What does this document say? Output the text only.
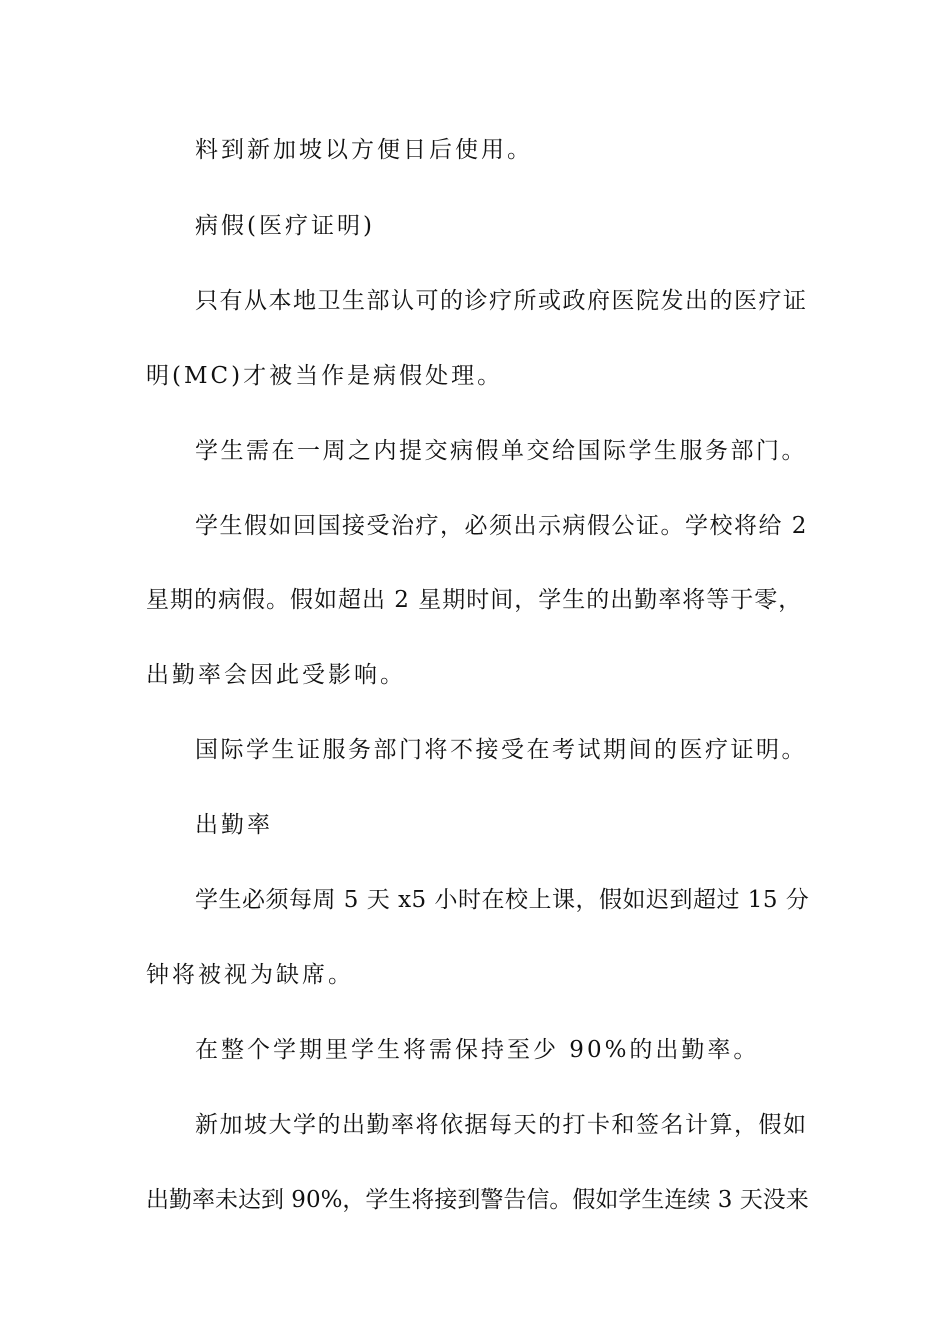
料到新加坡以方便日后使用。
病假(医疗证明)
只有从本地卫生部认可的诊疗所或政府医院发出的医疗证
明(MC)才被当作是病假处理。
学生需在一周之内提交病假单交给国际学生服务部门。
学生假如回国接受治疗，必须出示病假公证。学校将给 2
星期的病假。假如超出 2 星期时间，学生的出勤率将等于零，
出勤率会因此受影响。
国际学生证服务部门将不接受在考试期间的医疗证明。
出勤率
学生必须每周 5 天 x5 小时在校上课，假如迟到超过 15 分
钟将被视为缺席。
在整个学期里学生将需保持至少 90%的出勤率。
新加坡大学的出勤率将依据每天的打卡和签名计算，假如
出勤率未达到 90%，学生将接到警告信。假如学生连续 3 天没来
